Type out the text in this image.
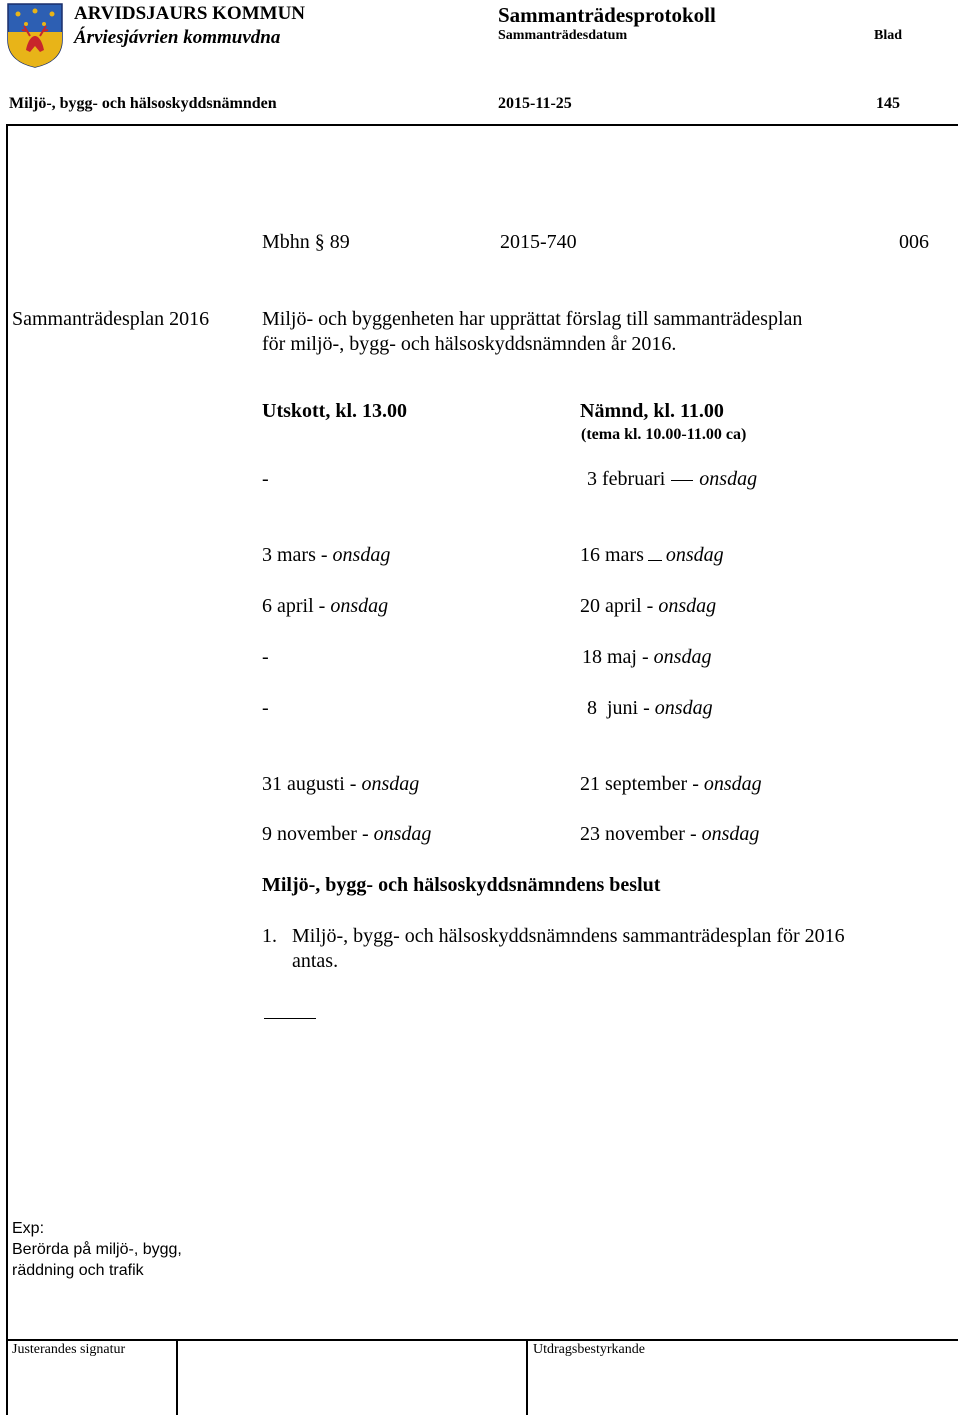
ARVIDSJAURS KOMMUN
Árviesjávrien kommuvdna
Sammanträdesprotokoll
Sammanträdesdatum	Blad
Miljö-, bygg- och hälsoskyddsnämnden	2015-11-25	145
Mbhn § 89	2015-740	006
Sammanträdesplan 2016	Miljö- och byggenheten har upprättat förslag till sammanträdesplan
för miljö-, bygg- och hälsoskyddsnämnden år 2016.
Utskott, kl. 13.00	Nämnd, kl. 11.00
(tema kl. 10.00-11.00 ca)
-	3 februari onsdag
3 mars - onsdag	16 mars onsdag
6 april - onsdag	20 april - onsdag
-	18 maj - onsdag
-	8  juni - onsdag
31 augusti - onsdag	21 september - onsdag
9 november - onsdag	23 november - onsdag
Miljö-, bygg- och hälsoskyddsnämndens beslut
1. Miljö-, bygg- och hälsoskyddsnämndens sammanträdesplan för 2016
antas.
Exp:
Berörda på miljö-, bygg,
räddning och trafik
Justerandes signatur	Utdragsbestyrkande
